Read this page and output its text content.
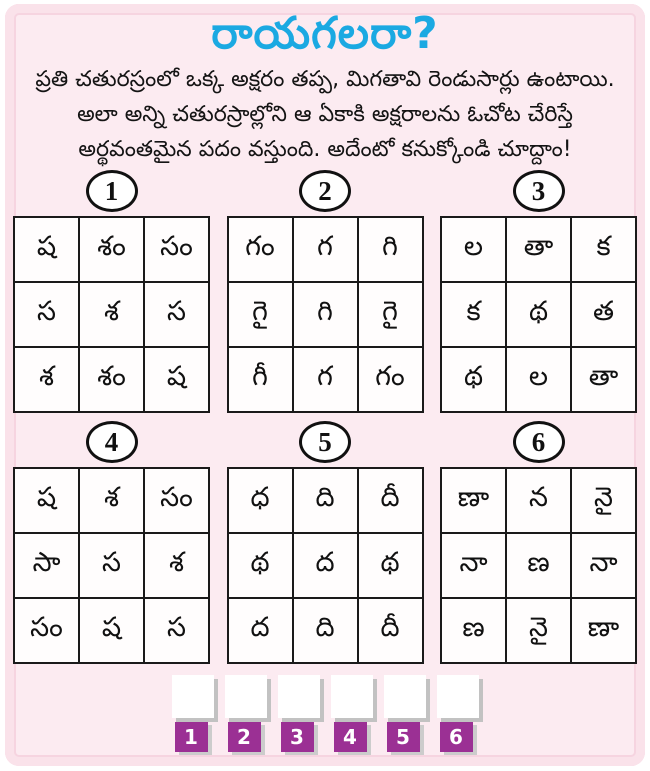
రాయగలరా?
ప్రతి చతురస్రంలో ఒక్క అక్షరం తప్ప, మిగతావి రెండుసార్లు ఉంటాయి.
అలా అన్ని చతురస్రాల్లోని ఆ ఏకాకి అక్షరాలను ఓచోట చేరిస్తే
అర్థవంతమైన పదం వస్తుంది. అదేంటో కనుక్కోండి చూద్దాం!
1
ష	శం	సం
స	శ	స
శ	శం	ష
2
గం	గ	గి
గై	గి	గై
గీ	గ	గం
3
ల	తా	క
క	థ	త
థ	ల	తా
4
ష	శ	సం
సా	స	శ
సం	ష	స
5
ధ	ది	దీ
థ	ద	థ
ద	ది	దీ
6
ణా	న	నై
నా	ణ	నా
ణ	నై	ణా
1	2	3	4	5	6
